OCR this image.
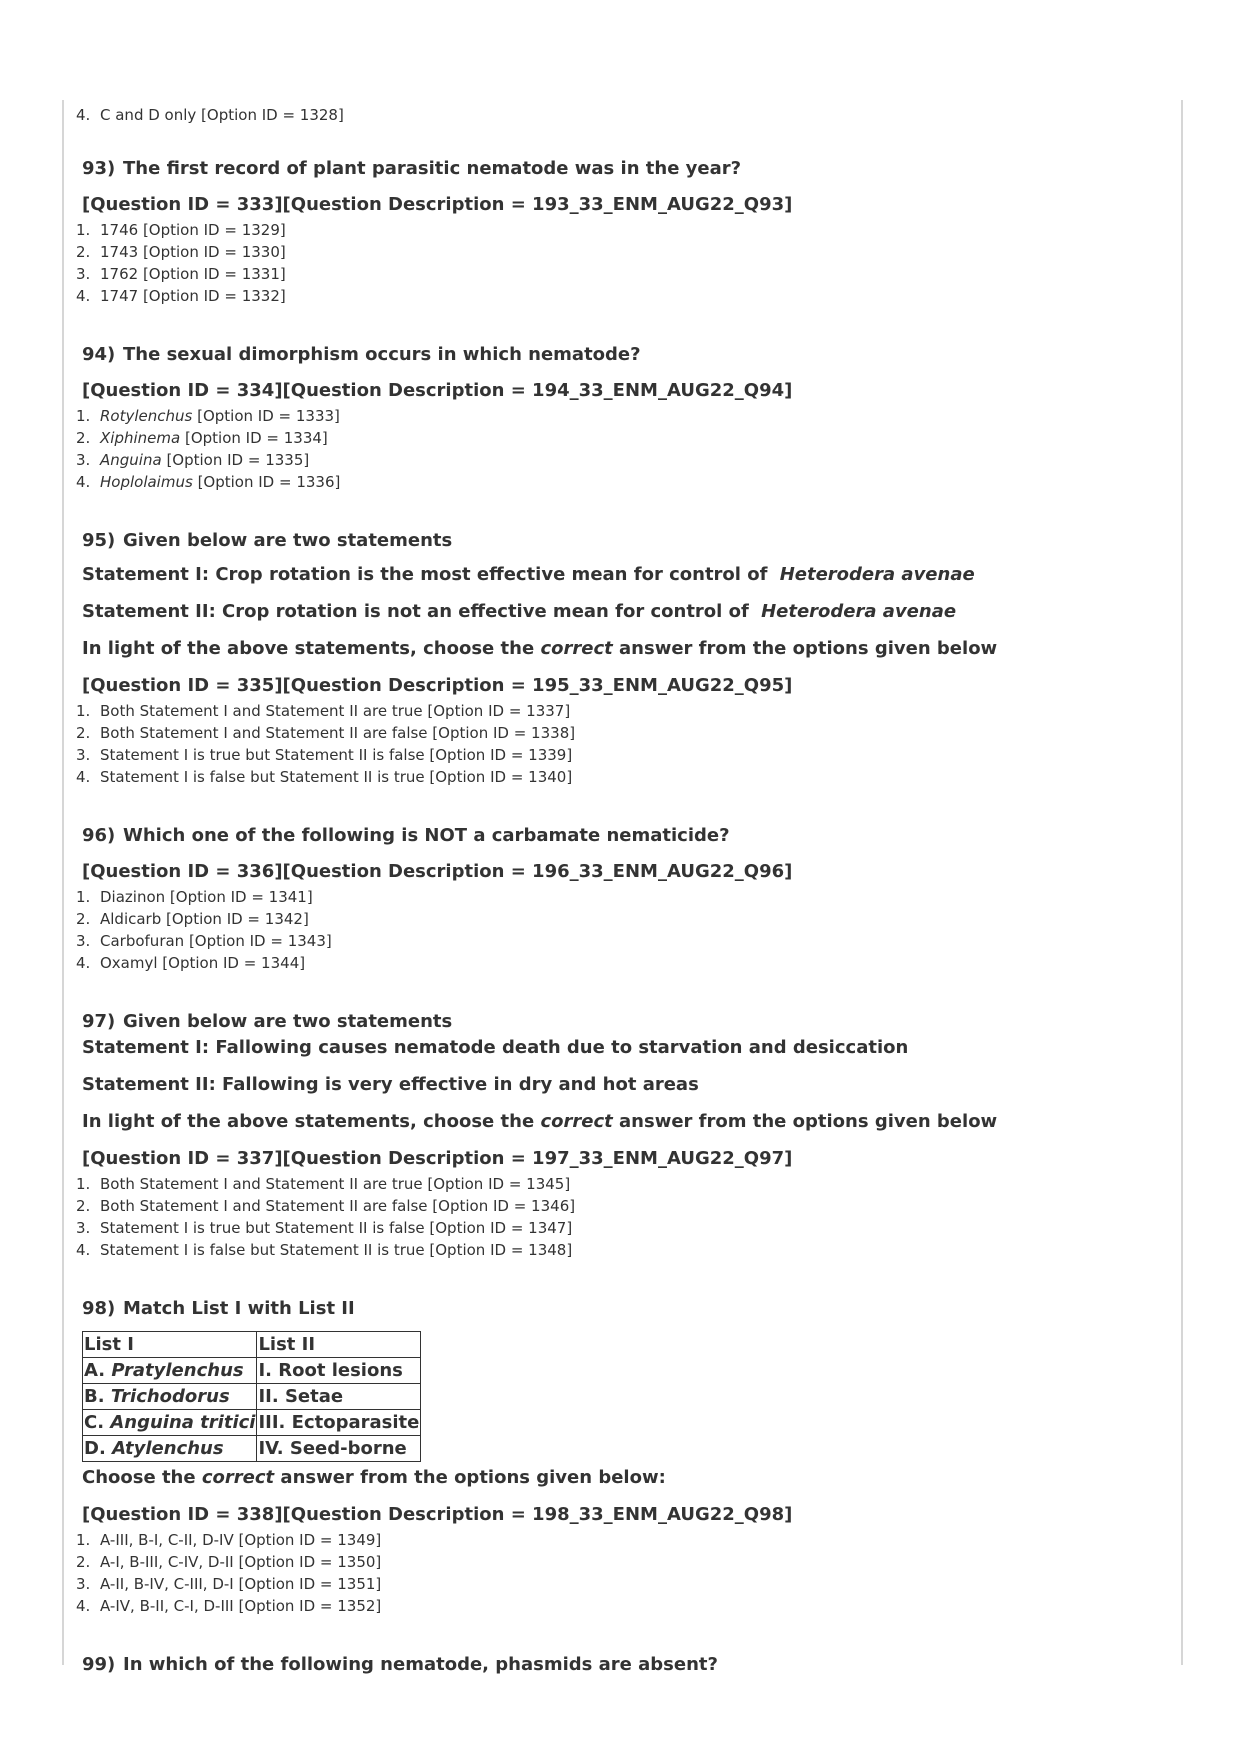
4. C and D only [Option ID = 1328]
93) The first record of plant parasitic nematode was in the year?
[Question ID = 333][Question Description = 193_33_ENM_AUG22_Q93]
1. 1746 [Option ID = 1329]
2. 1743 [Option ID = 1330]
3. 1762 [Option ID = 1331]
4. 1747 [Option ID = 1332]
94) The sexual dimorphism occurs in which nematode?
[Question ID = 334][Question Description = 194_33_ENM_AUG22_Q94]
1. Rotylenchus [Option ID = 1333]
2. Xiphinema [Option ID = 1334]
3. Anguina [Option ID = 1335]
4. Hoplolaimus [Option ID = 1336]
95) Given below are two statements
Statement I: Crop rotation is the most effective mean for control of Heterodera avenae
Statement II: Crop rotation is not an effective mean for control of Heterodera avenae
In light of the above statements, choose the correct answer from the options given below
[Question ID = 335][Question Description = 195_33_ENM_AUG22_Q95]
1. Both Statement I and Statement II are true [Option ID = 1337]
2. Both Statement I and Statement II are false [Option ID = 1338]
3. Statement I is true but Statement II is false [Option ID = 1339]
4. Statement I is false but Statement II is true [Option ID = 1340]
96) Which one of the following is NOT a carbamate nematicide?
[Question ID = 336][Question Description = 196_33_ENM_AUG22_Q96]
1. Diazinon [Option ID = 1341]
2. Aldicarb [Option ID = 1342]
3. Carbofuran [Option ID = 1343]
4. Oxamyl [Option ID = 1344]
97) Given below are two statements
Statement I: Fallowing causes nematode death due to starvation and desiccation
Statement II: Fallowing is very effective in dry and hot areas
In light of the above statements, choose the correct answer from the options given below
[Question ID = 337][Question Description = 197_33_ENM_AUG22_Q97]
1. Both Statement I and Statement II are true [Option ID = 1345]
2. Both Statement I and Statement II are false [Option ID = 1346]
3. Statement I is true but Statement II is false [Option ID = 1347]
4. Statement I is false but Statement II is true [Option ID = 1348]
98) Match List I with List II
List I	List II
A. Pratylenchus	I. Root lesions
B. Trichodorus	II. Setae
C. Anguina tritici	III. Ectoparasite
D. Atylenchus	IV. Seed-borne
Choose the correct answer from the options given below:
[Question ID = 338][Question Description = 198_33_ENM_AUG22_Q98]
1. A-III, B-I, C-II, D-IV [Option ID = 1349]
2. A-I, B-III, C-IV, D-II [Option ID = 1350]
3. A-II, B-IV, C-III, D-I [Option ID = 1351]
4. A-IV, B-II, C-I, D-III [Option ID = 1352]
99) In which of the following nematode, phasmids are absent?
